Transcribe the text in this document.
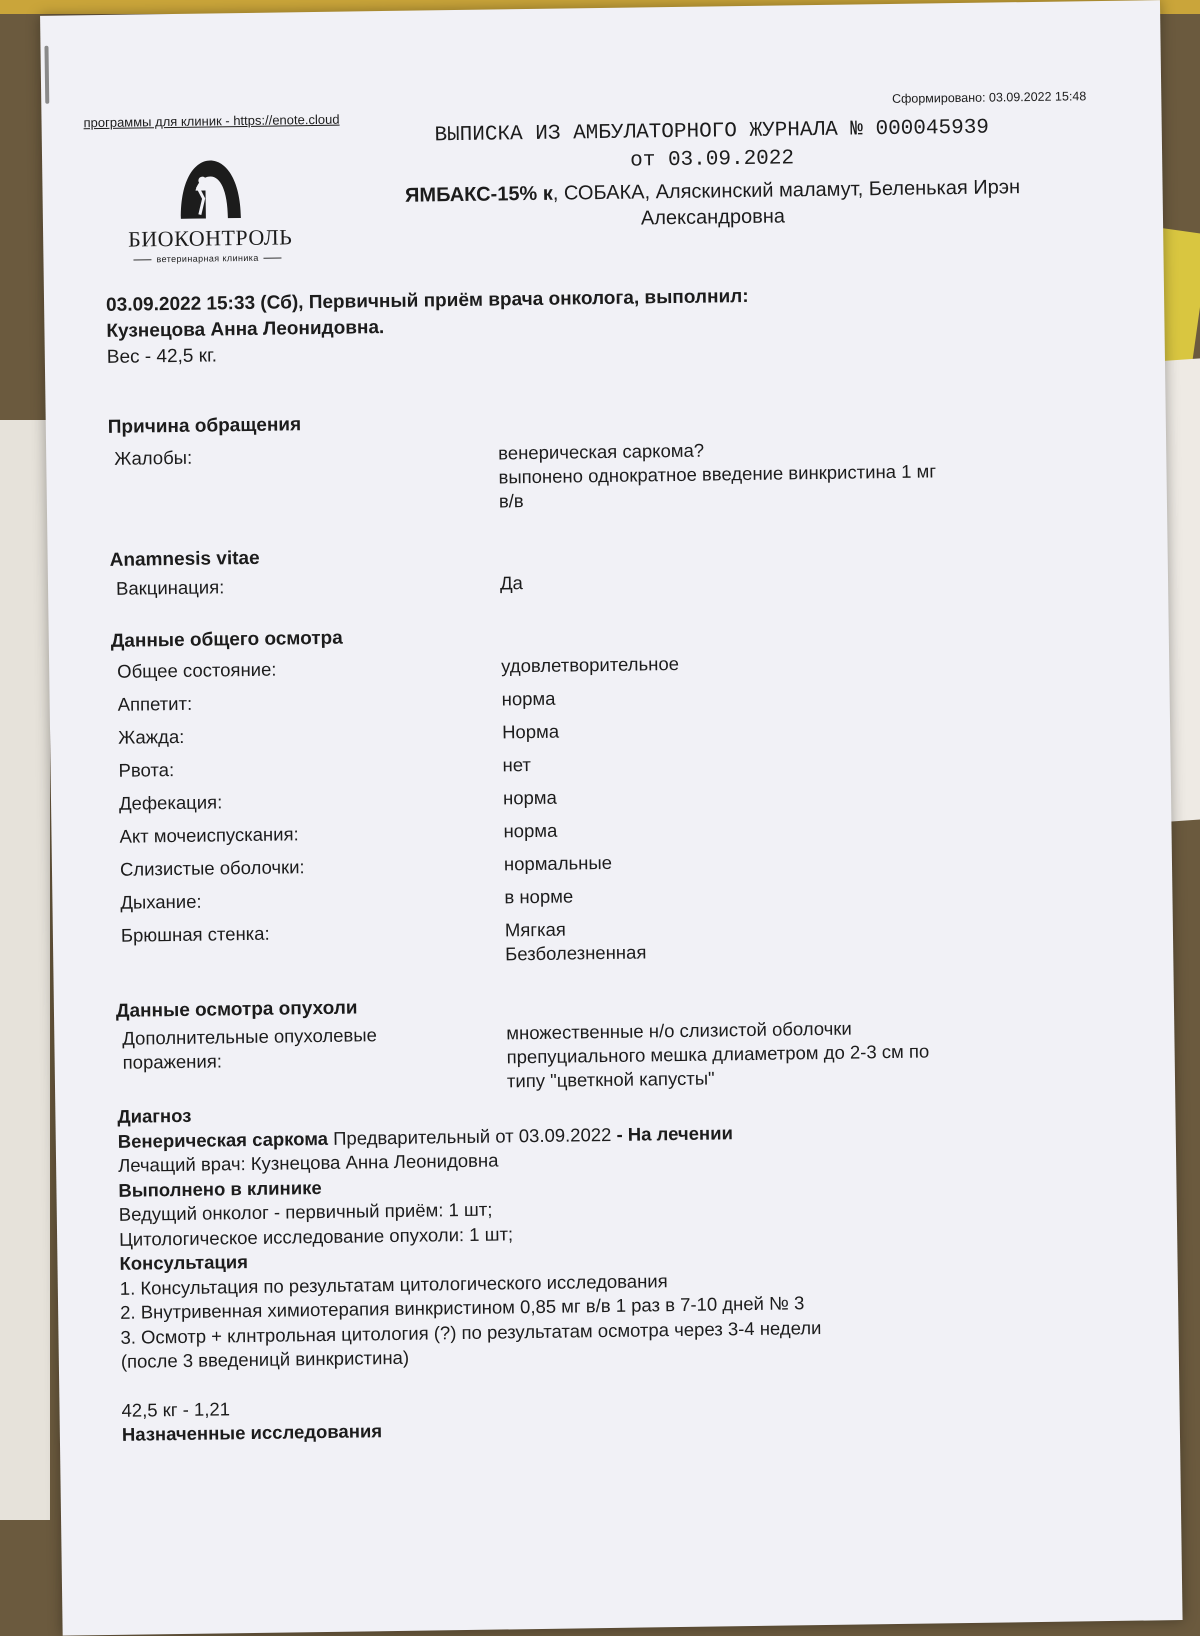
программы для клиник - https://enote.cloud
Сформировано: 03.09.2022 15:48
БИОКОНТРОЛЬ
ветеринарная клиника
ВЫПИСКА ИЗ АМБУЛАТОРНОГО ЖУРНАЛА № 000045939
от 03.09.2022
ЯМБАКС-15% к, СОБАКА, Аляскинский маламут, Беленькая Ирэн
Александровна
03.09.2022 15:33 (Сб), Первичный приём врача онколога, выполнил:
Кузнецова Анна Леонидовна.
Вес - 42,5 кг.
Причина обращения
Жалобы:	венерическая саркома?
выпонено однократное введение винкристина 1 мг
в/в
Anamnesis vitae
Вакцинация:	Да
Данные общего осмотра
Общее состояние:	удовлетворительное
Аппетит:	норма
Жажда:	Норма
Рвота:	нет
Дефекация:	норма
Акт мочеиспускания:	норма
Слизистые оболочки:	нормальные
Дыхание:	в норме
Брюшная стенка:	Мягкая
Безболезненная
Данные осмотра опухоли
Дополнительные опухолевые
поражения:
множественные н/о слизистой оболочки
препуциального мешка длиаметром до 2-3 см по
типу "цветкной капусты"
Диагноз
Венерическая саркома Предварительный от 03.09.2022 - На лечении
Лечащий врач: Кузнецова Анна Леонидовна
Выполнено в клинике
Ведущий онколог - первичный приём: 1 шт;
Цитологическое исследование опухоли: 1 шт;
Консультация
1. Консультация по результатам цитологического исследования
2. Внутривенная химиотерапия винкристином 0,85 мг в/в 1 раз в 7-10 дней № 3
3. Осмотр + клнтрольная цитология (?) по результатам осмотра через 3-4 недели
(после 3 введеницй винкристина)
42,5 кг - 1,21
Назначенные исследования
